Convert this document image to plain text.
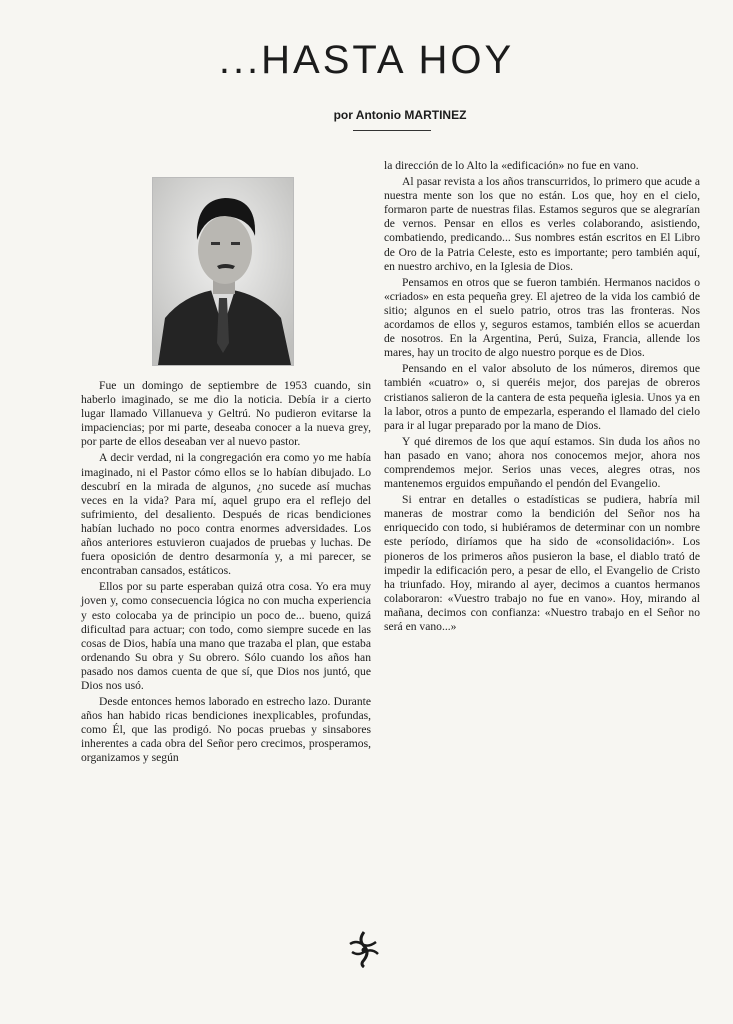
...HASTA HOY
por Antonio MARTINEZ

Fue un domingo de septiembre de 1953 cuando, sin haberlo imaginado, se me dio la noticia. Debía ir a cierto lugar llamado Villanueva y Geltrú. No pudieron evitarse la impaciencias; por mi parte, deseaba conocer a la nueva grey, por parte de ellos deseaban ver al nuevo pastor.

A decir verdad, ni la congregación era como yo me había imaginado, ni el Pastor cómo ellos se lo habían dibujado. Lo descubrí en la mirada de algunos, ¿no sucede así muchas veces en la vida? Para mí, aquel grupo era el reflejo del sufrimiento, del desaliento. Después de ricas bendiciones habían luchado no poco contra enormes adversidades. Los años anteriores estuvieron cuajados de pruebas y luchas. De fuera oposición de dentro desarmonía y, a mi parecer, se encontraban cansados, estáticos.

Ellos por su parte esperaban quizá otra cosa. Yo era muy joven y, como consecuencia lógica no con mucha experiencia y esto colocaba ya de principio un poco de... bueno, quizá dificultad para actuar; con todo, como siempre sucede en las cosas de Dios, había una mano que trazaba el plan, que estaba ordenando Su obra y Su obrero. Sólo cuando los años han pasado nos damos cuenta de que sí, que Dios nos juntó, que Dios nos usó.

Desde entonces hemos laborado en estrecho lazo. Durante años han habido ricas bendiciones inexplicables, profundas, como Él, que las prodigó. No pocas pruebas y sinsabores inherentes a cada obra del Señor pero crecimos, prosperamos, organizamos y según

la dirección de lo Alto la «edificación» no fue en vano.

Al pasar revista a los años transcurridos, lo primero que acude a nuestra mente son los que no están. Los que, hoy en el cielo, formaron parte de nuestras filas. Estamos seguros que se alegrarían de vernos. Pensar en ellos es verles colaborando, asistiendo, combatiendo, predicando... Sus nombres están escritos en El Libro de Oro de la Patria Celeste, esto es importante; pero también aquí, en nuestro archivo, en la Iglesia de Dios.

Pensamos en otros que se fueron también. Hermanos nacidos o «criados» en esta pequeña grey. El ajetreo de la vida los cambió de sitio; algunos en el suelo patrio, otros tras las fronteras. Nos acordamos de ellos y, seguros estamos, también ellos se acuerdan de nosotros. En la Argentina, Perú, Suiza, Francia, allende los mares, hay un trocito de algo nuestro porque es de Dios.

Pensando en el valor absoluto de los números, diremos que también «cuatro» o, si queréis mejor, dos parejas de obreros cristianos salieron de la cantera de esta pequeña iglesia. Unos ya en la labor, otros a punto de empezarla, esperando el llamado del cielo para ir al lugar preparado por la mano de Dios.

Y qué diremos de los que aquí estamos. Sin duda los años no han pasado en vano; ahora nos conocemos mejor, ahora nos comprendemos mejor. Serios unas veces, alegres otras, nos mantenemos erguidos empuñando el pendón del Evangelio.

Si entrar en detalles o estadísticas se pudiera, habría mil maneras de mostrar como la bendición del Señor nos ha enriquecido con todo, si hubiéramos de determinar con un nombre este período, diríamos que ha sido de «consolidación». Los pioneros de los primeros años pusieron la base, el diablo trató de impedir la edificación pero, a pesar de ello, el Evangelio de Cristo ha triunfado. Hoy, mirando al ayer, decimos a cuantos hermanos colaboraron: «Vuestro trabajo no fue en vano». Hoy, mirando al mañana, decimos con confianza: «Nuestro trabajo en el Señor no será en vano...»
